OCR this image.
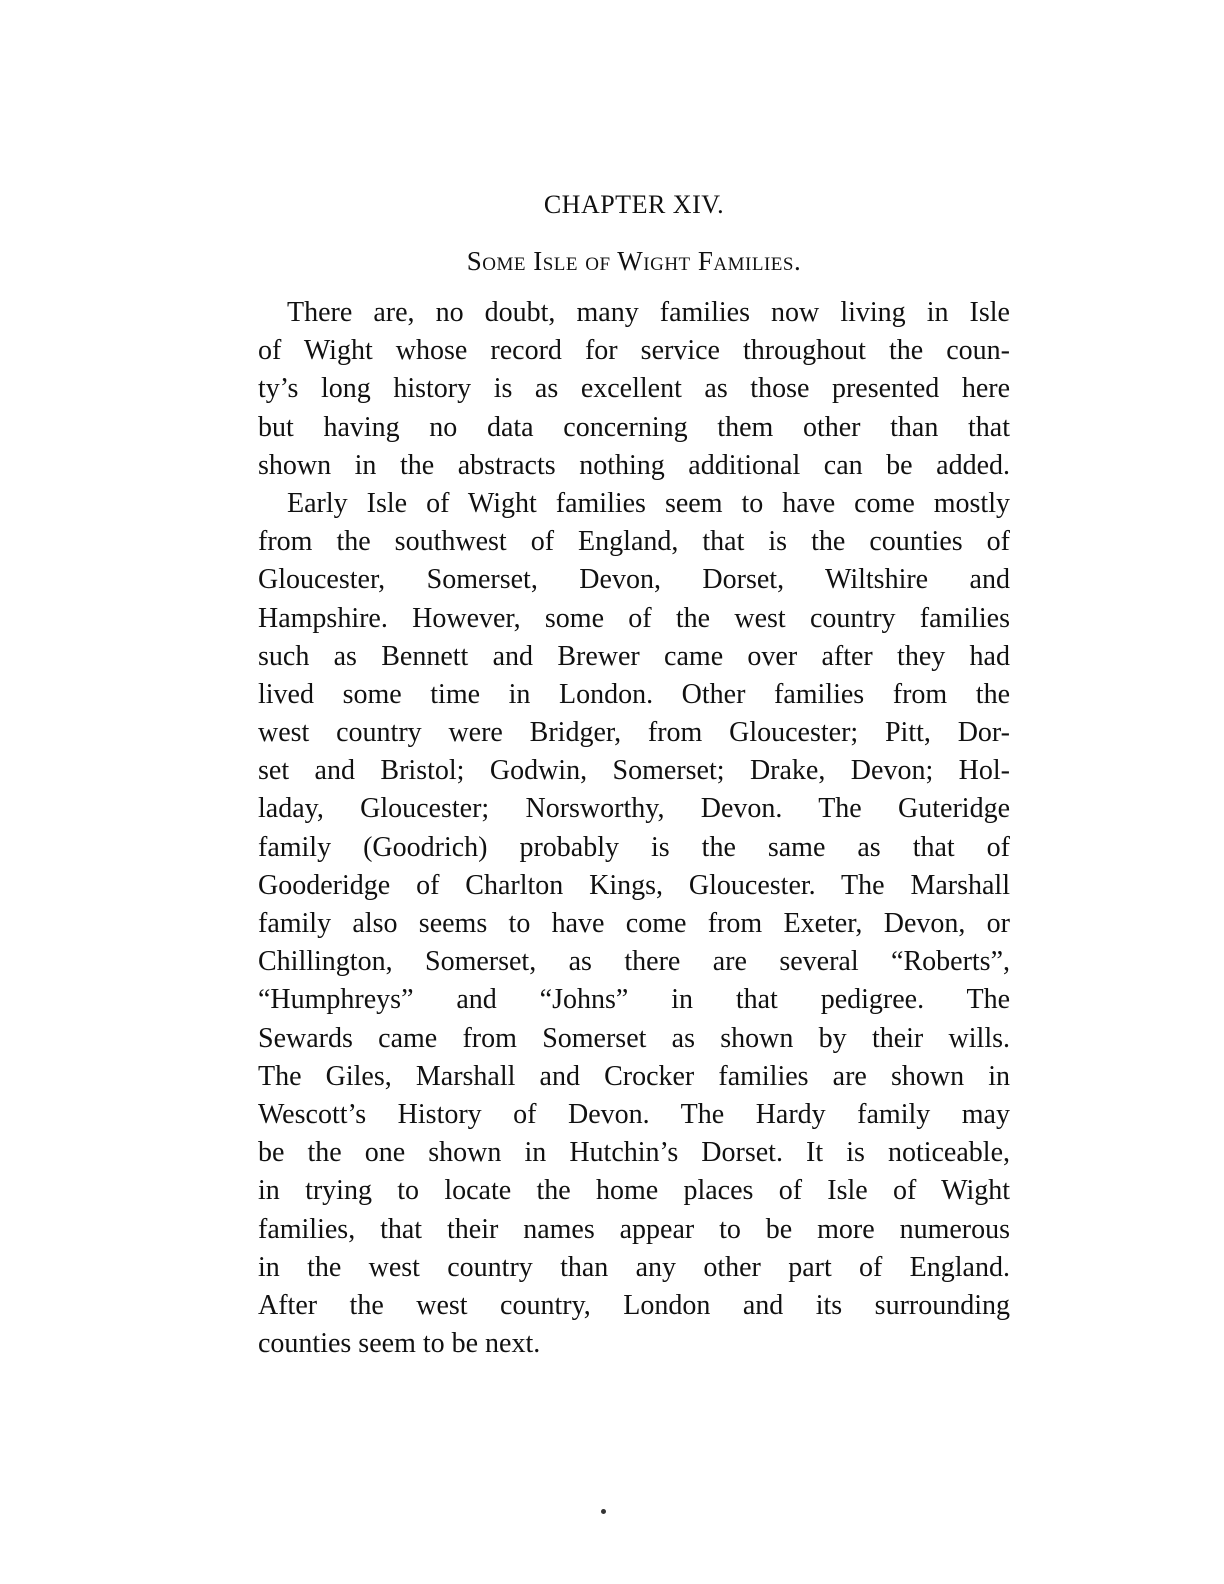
CHAPTER XIV.
Some Isle of Wight Families.
There are, no doubt, many families now living in Isle
of Wight whose record for service throughout the coun-
ty’s long history is as excellent as those presented here
but having no data concerning them other than that
shown in the abstracts nothing additional can be added.
Early Isle of Wight families seem to have come mostly
from the southwest of England, that is the counties of
Gloucester, Somerset, Devon, Dorset, Wiltshire and
Hampshire. However, some of the west country families
such as Bennett and Brewer came over after they had
lived some time in London. Other families from the
west country were Bridger, from Gloucester; Pitt, Dor-
set and Bristol; Godwin, Somerset; Drake, Devon; Hol-
laday, Gloucester; Norsworthy, Devon. The Guteridge
family (Goodrich) probably is the same as that of
Gooderidge of Charlton Kings, Gloucester. The Marshall
family also seems to have come from Exeter, Devon, or
Chillington, Somerset, as there are several “Roberts”,
“Humphreys” and “Johns” in that pedigree. The
Sewards came from Somerset as shown by their wills.
The Giles, Marshall and Crocker families are shown in
Wescott’s History of Devon. The Hardy family may
be the one shown in Hutchin’s Dorset. It is noticeable,
in trying to locate the home places of Isle of Wight
families, that their names appear to be more numerous
in the west country than any other part of England.
After the west country, London and its surrounding
counties seem to be next.
